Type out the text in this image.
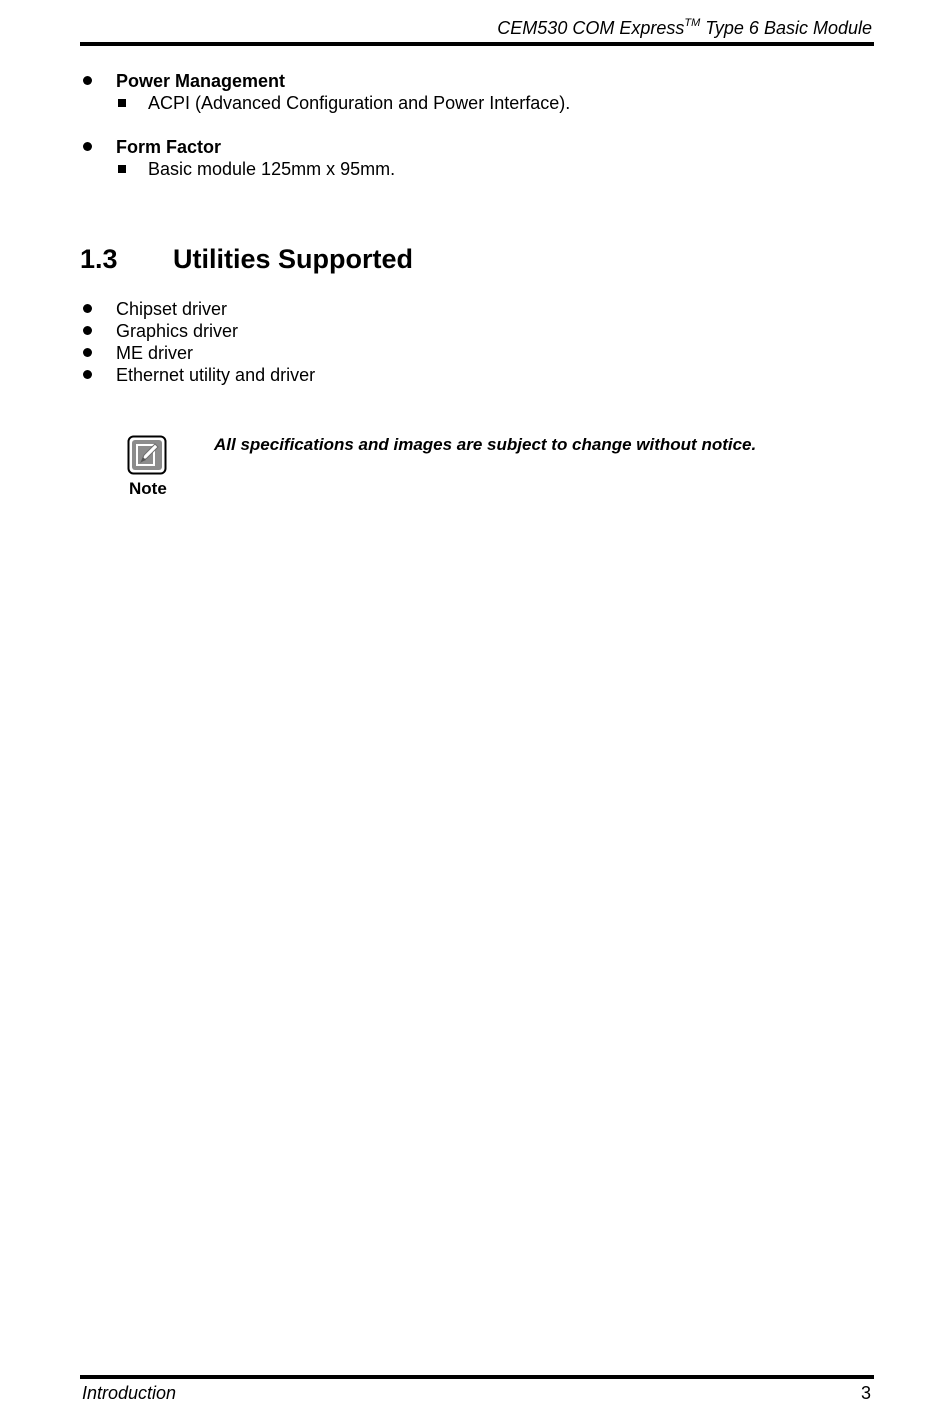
CEM530 COM Express™ Type 6 Basic Module
Power Management
ACPI (Advanced Configuration and Power Interface).
Form Factor
Basic module 125mm x 95mm.
1.3 Utilities Supported
Chipset driver
Graphics driver
ME driver
Ethernet utility and driver
Note
All specifications and images are subject to change without notice.
Introduction	3
